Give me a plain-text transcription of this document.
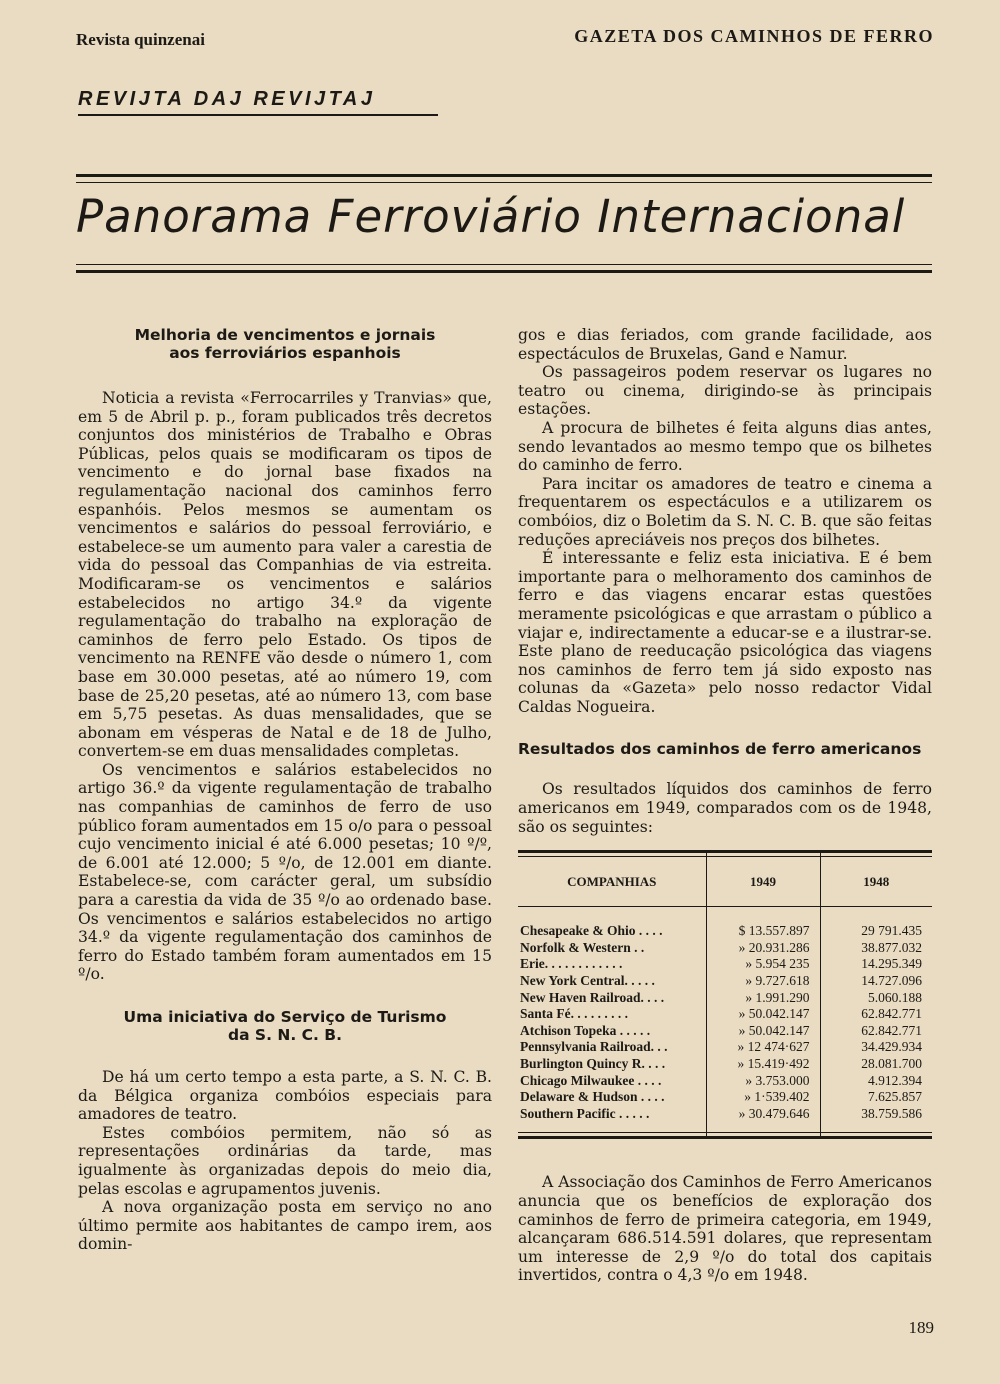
Revista quinzenai	GAZETA DOS CAMINHOS DE FERRO
REVIJTA DAJ REVIJTAJ
Panorama Ferroviário Internacional

Melhoria de vencimentos e jornais
aos ferroviários espanhois

Noticia a revista «Ferrocarriles y Tranvias» que, em 5 de Abril p. p., foram publicados três decretos conjuntos dos ministérios de Trabalho e Obras Públicas, pelos quais se modificaram os tipos de vencimento e do jornal base fixados na regulamentação nacional dos caminhos ferro espanhóis. Pelos mesmos se aumentam os vencimentos e salários do pessoal ferroviário, e estabelece-se um aumento para valer a carestia de vida do pessoal das Companhias de via estreita. Modificaram-se os vencimentos e salários estabelecidos no artigo 34.º da vigente regulamentação do trabalho na exploração de caminhos de ferro pelo Estado. Os tipos de vencimento na RENFE vão desde o número 1, com base em 30.000 pesetas, até ao número 19, com base de 25,20 pesetas, até ao número 13, com base em 5,75 pesetas. As duas mensalidades, que se abonam em vésperas de Natal e de 18 de Julho, convertem-se em duas mensalidades completas.

Os vencimentos e salários estabelecidos no artigo 36.º da vigente regulamentação de trabalho nas companhias de caminhos de ferro de uso público foram aumentados em 15 o/o para o pessoal cujo vencimento inicial é até 6.000 pesetas; 10 º/º, de 6.001 até 12.000; 5 º/o, de 12.001 em diante. Estabelece-se, com carácter geral, um subsídio para a carestia da vida de 35 º/o ao ordenado base. Os vencimentos e salários estabelecidos no artigo 34.º da vigente regulamentação dos caminhos de ferro do Estado também foram aumentados em 15 º/o.

Uma iniciativa do Serviço de Turismo
da S. N. C. B.

De há um certo tempo a esta parte, a S. N. C. B. da Bélgica organiza combóios especiais para amadores de teatro.

Estes combóios permitem, não só as representações ordinárias da tarde, mas igualmente às organizadas depois do meio dia, pelas escolas e agrupamentos juvenis.

A nova organização posta em serviço no ano último permite aos habitantes de campo irem, aos domin-

gos e dias feriados, com grande facilidade, aos espectáculos de Bruxelas, Gand e Namur.

Os passageiros podem reservar os lugares no teatro ou cinema, dirigindo-se às principais estações.

A procura de bilhetes é feita alguns dias antes, sendo levantados ao mesmo tempo que os bilhetes do caminho de ferro.

Para incitar os amadores de teatro e cinema a frequentarem os espectáculos e a utilizarem os combóios, diz o Boletim da S. N. C. B. que são feitas reduções apreciáveis nos preços dos bilhetes.

É interessante e feliz esta iniciativa. E é bem importante para o melhoramento dos caminhos de ferro e das viagens encarar estas questões meramente psicológicas e que arrastam o público a viajar e, indirectamente a educar-se e a ilustrar-se. Este plano de reeducação psicológica das viagens nos caminhos de ferro tem já sido exposto nas colunas da «Gazeta» pelo nosso redactor Vidal Caldas Nogueira.

Resultados dos caminhos de ferro americanos

Os resultados líquidos dos caminhos de ferro americanos em 1949, comparados com os de 1948, são os seguintes:

COMPANHIAS	1949	1948
Chesapeake & Ohio . . . .	$ 13.557.897	29 791.435
Norfolk & Western . .	» 20.931.286	38.877.032
Erie. . . . . . . . . . . .	» 5.954 235	14.295.349
New York Central. . . . .	» 9.727.618	14.727.096
New Haven Railroad. . . .	» 1.991.290	5.060.188
Santa Fé. . . . . . . . .	» 50.042.147	62.842.771
Atchison Topeka . . . . .	» 50.042.147	62.842.771
Pennsylvania Railroad. . .	» 12 474·627	34.429.934
Burlington Quincy R. . . .	» 15.419·492	28.081.700
Chicago Milwaukee . . . .	» 3.753.000	4.912.394
Delaware & Hudson . . . .	» 1·539.402	7.625.857
Southern Pacific . . . . .	» 30.479.646	38.759.586

A Associação dos Caminhos de Ferro Americanos anuncia que os benefícios de exploração dos caminhos de ferro de primeira categoria, em 1949, alcançaram 686.514.591 dolares, que representam um interesse de 2,9 º/o do total dos capitais invertidos, contra o 4,3 º/o em 1948.

189
